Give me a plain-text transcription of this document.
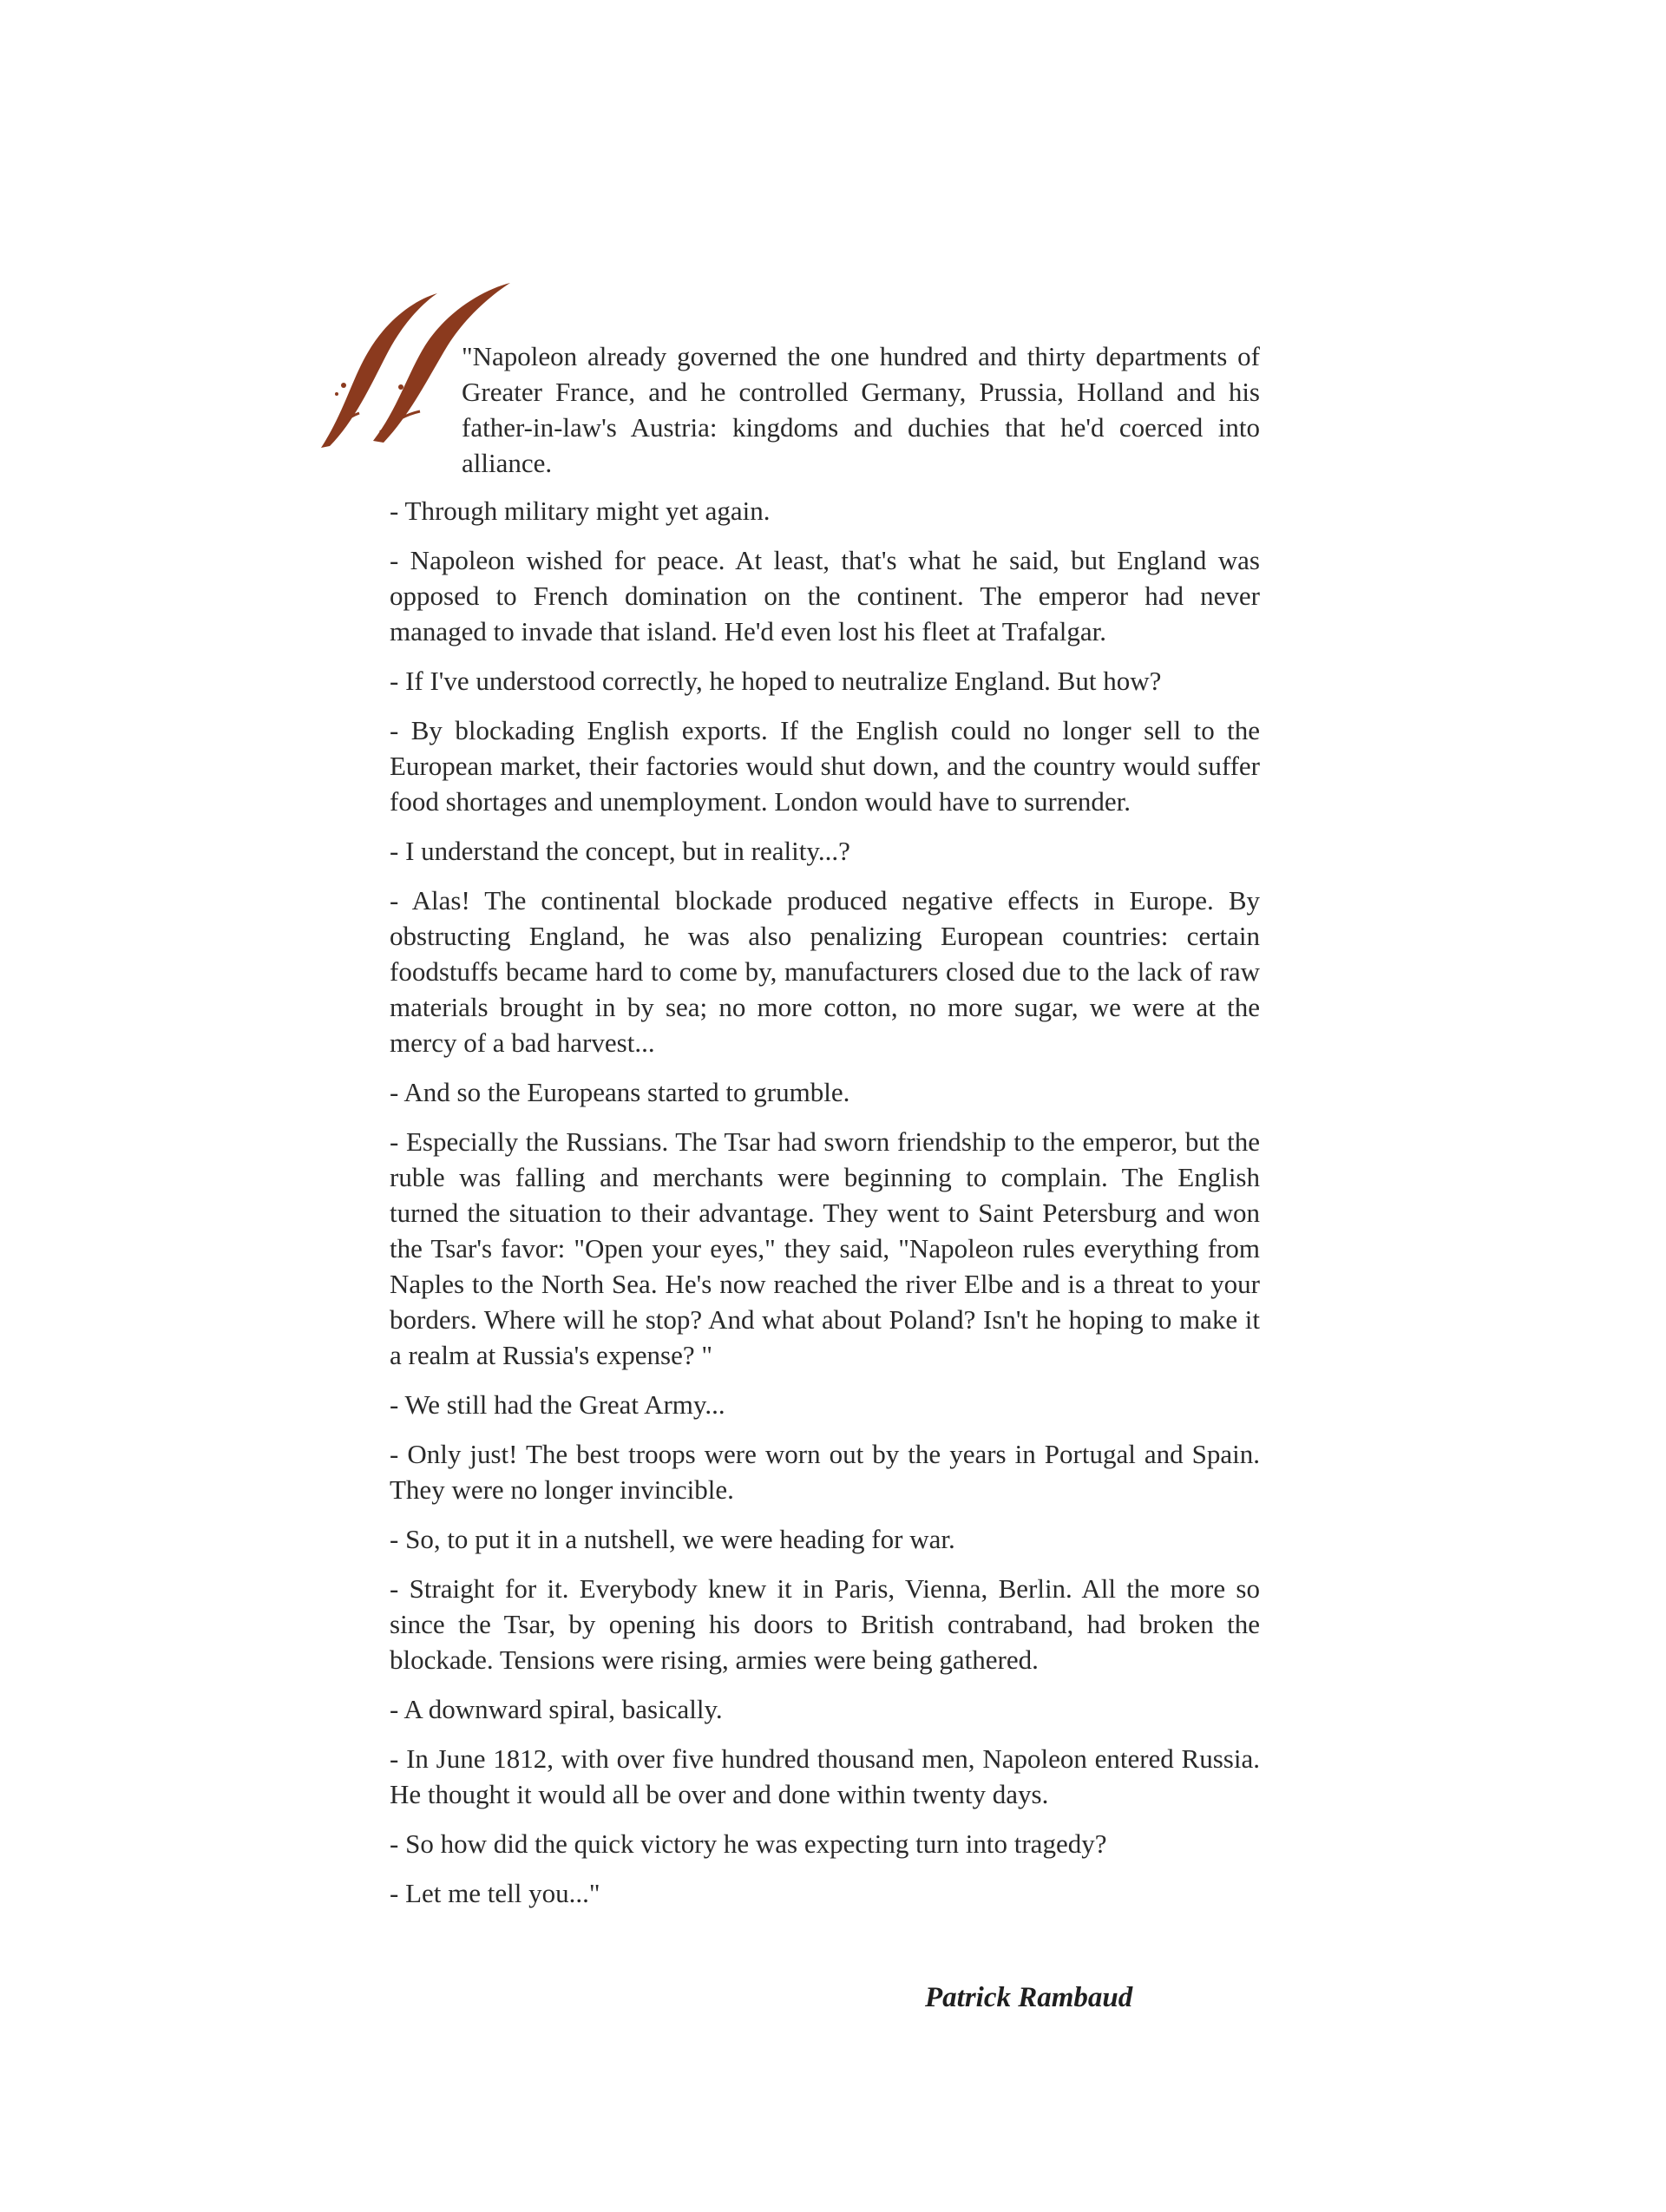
"Napoleon already governed the one hundred and thirty departments of Greater France, and he controlled Germany, Prussia, Holland and his father-in-law's Austria: kingdoms and duchies that he'd coerced into alliance.

- Through military might yet again.

- Napoleon wished for peace. At least, that's what he said, but England was opposed to French domination on the continent. The emperor had never managed to invade that island. He'd even lost his fleet at Trafalgar.

- If I've understood correctly, he hoped to neutralize England. But how?

- By blockading English exports. If the English could no longer sell to the European market, their factories would shut down, and the country would suffer food shortages and unemployment. London would have to surrender.

- I understand the concept, but in reality...?

- Alas! The continental blockade produced negative effects in Europe. By obstructing England, he was also penalizing European countries: certain foodstuffs became hard to come by, manufacturers closed due to the lack of raw materials brought in by sea; no more cotton, no more sugar, we were at the mercy of a bad harvest...

- And so the Europeans started to grumble.

- Especially the Russians. The Tsar had sworn friendship to the emperor, but the ruble was falling and merchants were beginning to complain. The English turned the situation to their advantage. They went to Saint Petersburg and won the Tsar's favor: "Open your eyes," they said, "Napoleon rules everything from Naples to the North Sea. He's now reached the river Elbe and is a threat to your borders. Where will he stop? And what about Poland? Isn't he hoping to make it a realm at Russia's expense? "

- We still had the Great Army...

- Only just! The best troops were worn out by the years in Portugal and Spain. They were no longer invincible.

- So, to put it in a nutshell, we were heading for war.

- Straight for it. Everybody knew it in Paris, Vienna, Berlin. All the more so since the Tsar, by opening his doors to British contraband, had broken the blockade. Tensions were rising, armies were being gathered.

- A downward spiral, basically.

- In June 1812, with over five hundred thousand men, Napoleon entered Russia. He thought it would all be over and done within twenty days.

- So how did the quick victory he was expecting turn into tragedy?

- Let me tell you..."

Patrick Rambaud
